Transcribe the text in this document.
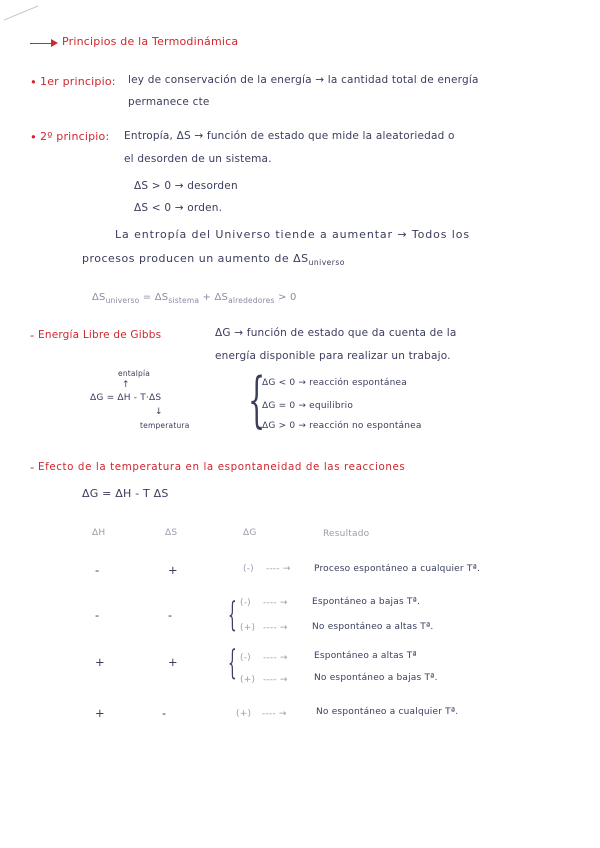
Principios de la Termodinámica
• 1er principio: ley de conservación de la energía → la cantidad total de energía
permanece cte
• 2º principio: Entropía, ΔS → función de estado que mide la aleatoriedad o
el desorden de un sistema.
ΔS > 0 → desorden
ΔS < 0 → orden.
La entropía del Universo tiende a aumentar → Todos los
procesos producen un aumento de $\Delta S_{universo}$
$\Delta S_{universo} = \Delta S_{sistema} + \Delta S_{alrededores} > 0$
- Energía Libre de Gibbs	ΔG → función de estado que da cuenta de la
energía disponible para realizar un trabajo.
entalpía
↑
ΔG = ΔH - T·ΔS
↓
temperatura {
ΔG < 0 → reacción espontánea
ΔG = 0 → equilibrio
ΔG > 0 → reacción no espontánea
- Efecto de la temperatura en la espontaneidad de las reacciones
ΔG = ΔH - T ΔS
ΔH	ΔS	ΔG	Resultado
-	+	(-) ---- →	Proceso espontáneo a cualquier Tª.
-	- { (-) ---- →	Espontáneo a bajas Tª.
(+) ---- →	No espontáneo a altas Tª.
+	+ { (-) ---- →	Espontáneo a altas Tª
(+) ---- →	No espontáneo a bajas Tª.
+	-	(+) ---- →	No espontáneo a cualquier Tª.
